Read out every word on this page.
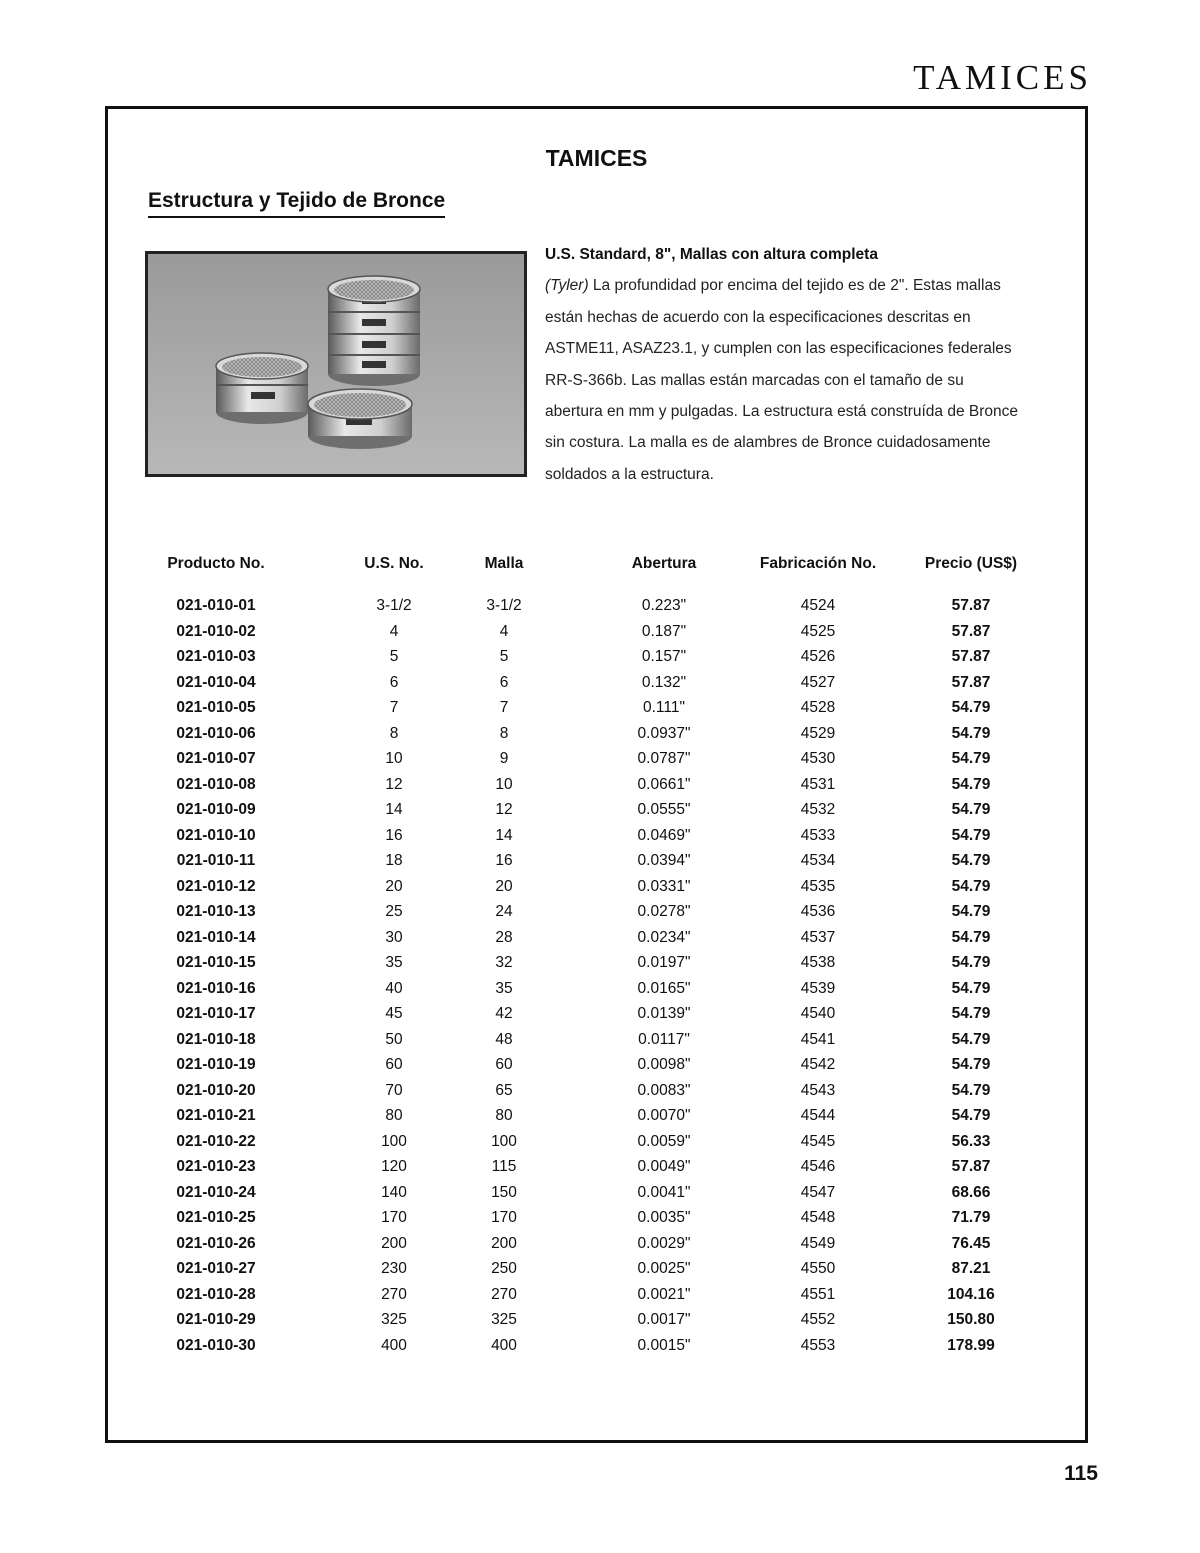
TAMICES
TAMICES
Estructura y Tejido de Bronce
U.S. Standard, 8", Mallas con altura completa

(Tyler) La profundidad por encima del tejido es de 2". Estas mallas

están hechas de acuerdo con la especificaciones descritas en

ASTME11, ASAZ23.1, y cumplen con las especificaciones federales

RR-S-366b. Las mallas están marcadas con el tamaño de su

abertura en mm y pulgadas. La estructura está construída de Bronce

sin costura. La malla es de alambres de Bronce cuidadosamente

soldados a la estructura.

Producto No.	U.S. No.	Malla	Abertura	Fabricación No.	Precio (US$)
021-010-01	3-1/2	3-1/2	0.223"	4524	57.87
021-010-02	4	4	0.187"	4525	57.87
021-010-03	5	5	0.157"	4526	57.87
021-010-04	6	6	0.132"	4527	57.87
021-010-05	7	7	0.111"	4528	54.79
021-010-06	8	8	0.0937"	4529	54.79
021-010-07	10	9	0.0787"	4530	54.79
021-010-08	12	10	0.0661"	4531	54.79
021-010-09	14	12	0.0555"	4532	54.79
021-010-10	16	14	0.0469"	4533	54.79
021-010-11	18	16	0.0394"	4534	54.79
021-010-12	20	20	0.0331"	4535	54.79
021-010-13	25	24	0.0278"	4536	54.79
021-010-14	30	28	0.0234"	4537	54.79
021-010-15	35	32	0.0197"	4538	54.79
021-010-16	40	35	0.0165"	4539	54.79
021-010-17	45	42	0.0139"	4540	54.79
021-010-18	50	48	0.0117"	4541	54.79
021-010-19	60	60	0.0098"	4542	54.79
021-010-20	70	65	0.0083"	4543	54.79
021-010-21	80	80	0.0070"	4544	54.79
021-010-22	100	100	0.0059"	4545	56.33
021-010-23	120	115	0.0049"	4546	57.87
021-010-24	140	150	0.0041"	4547	68.66
021-010-25	170	170	0.0035"	4548	71.79
021-010-26	200	200	0.0029"	4549	76.45
021-010-27	230	250	0.0025"	4550	87.21
021-010-28	270	270	0.0021"	4551	104.16
021-010-29	325	325	0.0017"	4552	150.80
021-010-30	400	400	0.0015"	4553	178.99
115
